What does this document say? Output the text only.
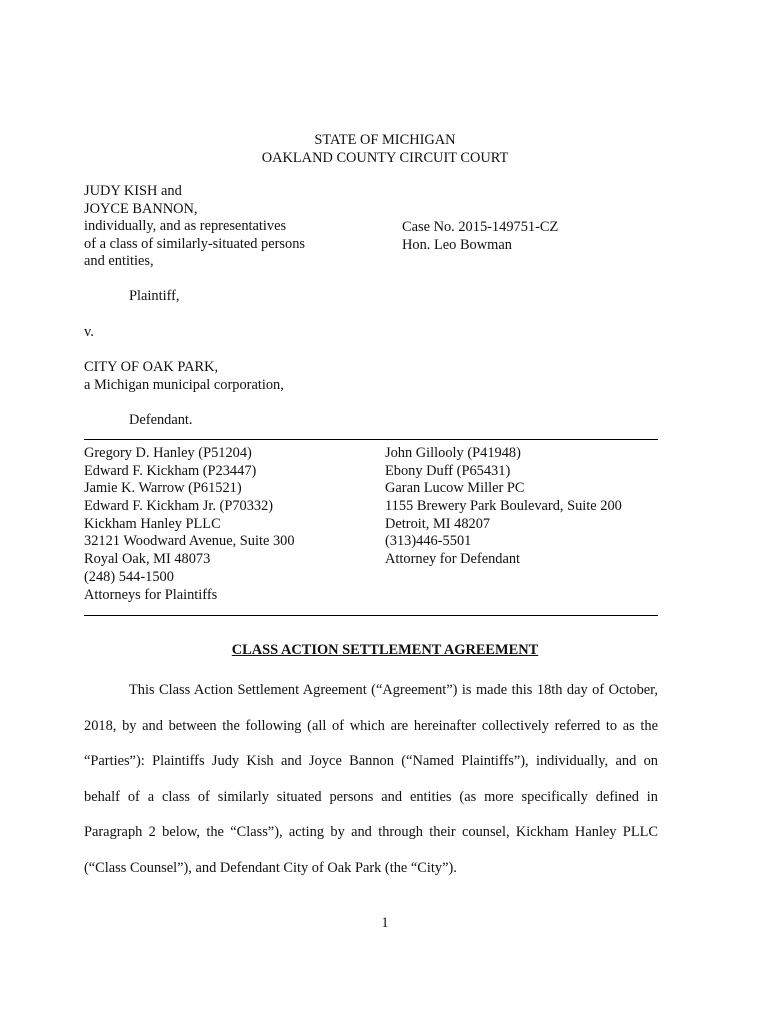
STATE OF MICHIGAN
OAKLAND COUNTY CIRCUIT COURT
JUDY KISH and
JOYCE BANNON,
individually, and as representatives
of a class of similarly-situated persons
and entities,
Case No. 2015-149751-CZ
Hon. Leo Bowman
Plaintiff,
v.
CITY OF OAK PARK,
a Michigan municipal corporation,
Defendant.
Gregory D. Hanley (P51204)
Edward F. Kickham (P23447)
Jamie K. Warrow (P61521)
Edward F. Kickham Jr. (P70332)
Kickham Hanley PLLC
32121 Woodward Avenue, Suite 300
Royal Oak, MI 48073
(248) 544-1500
Attorneys for Plaintiffs
John Gillooly (P41948)
Ebony Duff (P65431)
Garan Lucow Miller PC
1155 Brewery Park Boulevard, Suite 200
Detroit, MI 48207
(313)446-5501
Attorney for Defendant
CLASS ACTION SETTLEMENT AGREEMENT
This Class Action Settlement Agreement (“Agreement”) is made this 18th day of October,
2018, by and between the following (all of which are hereinafter collectively referred to as the
“Parties”): Plaintiffs Judy Kish and Joyce Bannon (“Named Plaintiffs”), individually, and on
behalf of a class of similarly situated persons and entities (as more specifically defined in
Paragraph 2 below, the “Class”), acting by and through their counsel, Kickham Hanley PLLC
(“Class Counsel”), and Defendant City of Oak Park (the “City”).
1
